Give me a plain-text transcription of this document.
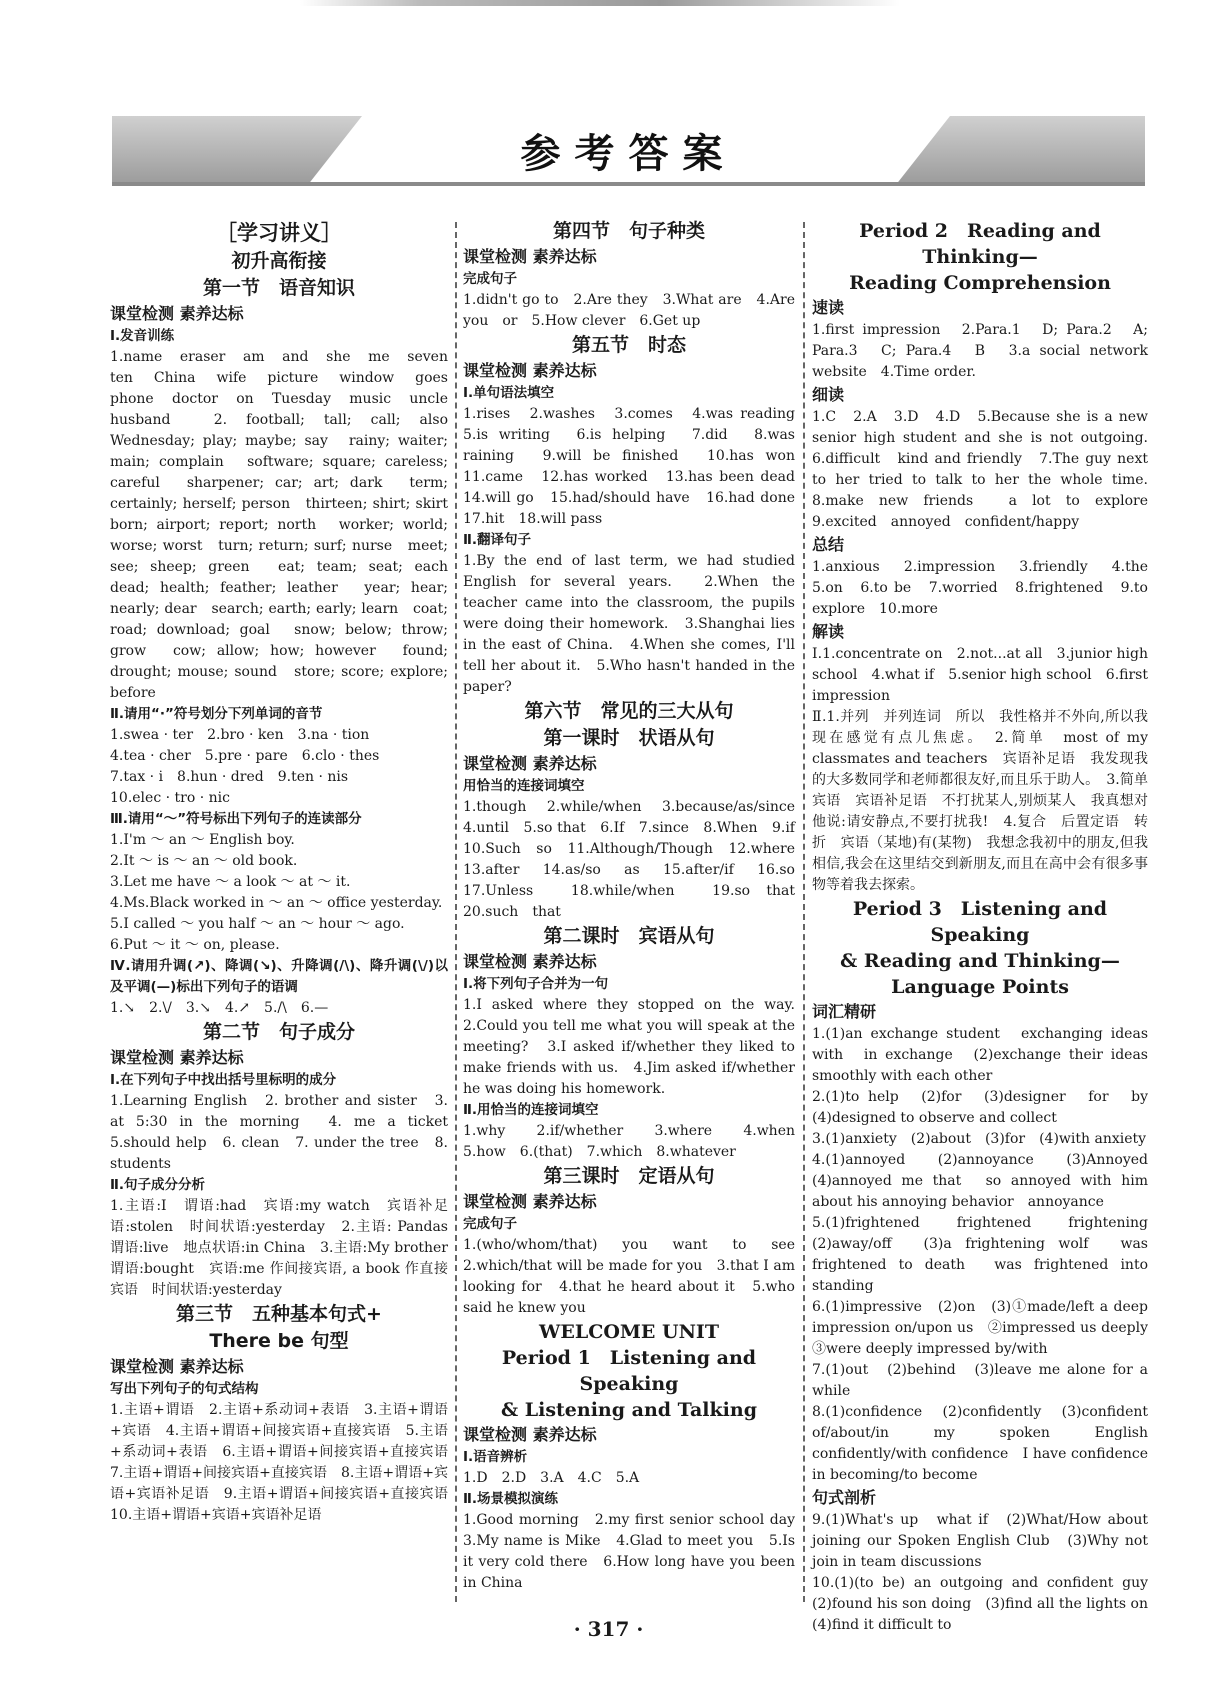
参考答案

［学习讲义］

初升高衔接

第一节　语音知识

课堂检测 素养达标

Ⅰ.发音训练

1.name　eraser　am　and　she　me　seven　ten　China　wife　picture　window　goes　phone　doctor　on　Tuesday　music　uncle　husband　2. football; tall; call; also　Wednesday; play; maybe; say　rainy; waiter; main; complain　software; square; careless; careful　sharpener; car; art; dark　term; certainly; herself; person　thirteen; shirt; skirt　born; airport; report; north　worker; world; worse; worst　turn; return; surf; nurse　meet; see; sheep; green　eat; team; seat; each　dead; health; feather; leather　year; hear; nearly; dear　search; earth; early; learn　coat; road; download; goal　snow; below; throw; grow　cow; allow; how; however　found; drought; mouse; sound　store; score; explore; before

Ⅱ.请用“·”符号划分下列单词的音节

1.swea · ter　2.bro · ken　3.na · tion

4.tea · cher　5.pre · pare　6.clo · thes

7.tax · i　8.hun · dred　9.ten · nis

10.elec · tro · nic

Ⅲ.请用“～”符号标出下列句子的连读部分

1.I'm ～ an ～ English boy.

2.It ～ is ～ an ～ old book.

3.Let me have ～ a look ～ at ～ it.

4.Ms.Black worked in ～ an ～ office yesterday.

5.I called ～ you half ～ an ～ hour ～ ago.

6.Put ～ it ～ on, please.

Ⅳ.请用升调(↗)、降调(↘)、升降调(/\)、降升调(\/)以及平调(—)标出下列句子的语调

1.↘　2.\/　3.↘　4.↗　5./\　6.—

第二节　句子成分

课堂检测 素养达标

Ⅰ.在下列句子中找出括号里标明的成分

1.Learning English　2. brother and sister　3. at 5:30 in the morning　4. me a ticket　5.should help　6. clean　7. under the tree　8. students

Ⅱ.句子成分分析

1.主语:I　谓语:had　宾语:my watch　宾语补足语:stolen　时间状语:yesterday　2.主语: Pandas　谓语:live　地点状语:in China　3.主语:My brother　谓语:bought　宾语:me 作间接宾语, a book 作直接宾语　时间状语:yesterday

第三节　五种基本句式+

There be 句型

课堂检测 素养达标

写出下列句子的句式结构

1.主语+谓语　2.主语+系动词+表语　3.主语+谓语+宾语　4.主语+谓语+间接宾语+直接宾语　5.主语+系动词+表语　6.主语+谓语+间接宾语+直接宾语　7.主语+谓语+间接宾语+直接宾语　8.主语+谓语+宾语+宾语补足语　9.主语+谓语+间接宾语+直接宾语　10.主语+谓语+宾语+宾语补足语

第四节　句子种类

课堂检测 素养达标

完成句子

1.didn't go to　2.Are they　3.What are　4.Are you　or　5.How clever　6.Get up

第五节　时态

课堂检测 素养达标

Ⅰ.单句语法填空

1.rises　2.washes　3.comes　4.was reading　5.is writing　6.is helping　7.did　8.was raining　9.will be finished　10.has won　11.came　12.has worked　13.has been dead　14.will go　15.had/should have　16.had done　17.hit　18.will pass

Ⅱ.翻译句子

1.By the end of last term, we had studied English for several years.　2.When the teacher came into the classroom, the pupils were doing their homework.　3.Shanghai lies in the east of China.　4.When she comes, I'll tell her about it.　5.Who hasn't handed in the paper?

第六节　常见的三大从句

第一课时　状语从句

课堂检测 素养达标

用恰当的连接词填空

1.though　2.while/when　3.because/as/since　4.until　5.so that　6.If　7.since　8.When　9.if　10.Such　so　11.Although/Though　12.where　13.after　14.as/so　as　15.after/if　16.so　17.Unless　18.while/when　19.so that　20.such　that

第二课时　宾语从句

课堂检测 素养达标

Ⅰ.将下列句子合并为一句

1.I asked where they stopped on the way.　2.Could you tell me what you will speak at the meeting?　3.I asked if/whether they liked to make friends with us.　4.Jim asked if/whether he was doing his homework.

Ⅱ.用恰当的连接词填空

1.why　2.if/whether　3.where　4.when　5.how　6.(that)　7.which　8.whatever

第三课时　定语从句

课堂检测 素养达标

完成句子

1.(who/whom/that) you want to see　2.which/that will be made for you　3.that I am looking for　4.that he heard about it　5.who said he knew you

WELCOME UNIT

Period 1　Listening and Speaking

& Listening and Talking

课堂检测 素养达标

Ⅰ.语音辨析

1.D　2.D　3.A　4.C　5.A

Ⅱ.场景模拟演练

1.Good morning　2.my first senior school day　3.My name is Mike　4.Glad to meet you　5.Is it very cold there　6.How long have you been in China

Period 2　Reading and Thinking—

Reading Comprehension

速读

1.first impression　2.Para.1　D; Para.2　A; Para.3　C; Para.4　B　3.a social network website　4.Time order.

细读

1.C　2.A　3.D　4.D　5.Because she is a new senior high student and she is not outgoing.　6.difficult　kind and friendly　7.The guy next to her tried to talk to her the whole time.　8.make new friends　a lot to explore　9.excited　annoyed　confident/happy

总结

1.anxious　2.impression　3.friendly　4.the　5.on　6.to be　7.worried　8.frightened　9.to explore　10.more

解读

Ⅰ.1.concentrate on　2.not...at all　3.junior high school　4.what if　5.senior high school　6.first impression

Ⅱ.1.并列　并列连词　所以　我性格并不外向,所以我现在感觉有点儿焦虑。　2.简单　most of my classmates and teachers　宾语补足语　我发现我的大多数同学和老师都很友好,而且乐于助人。　3.简单　宾语　宾语补足语　不打扰某人,别烦某人　我真想对他说:请安静点,不要打扰我!　4.复合　后置定语　转折　宾语（某地)有(某物)　我想念我初中的朋友,但我相信,我会在这里结交到新朋友,而且在高中会有很多事物等着我去探索。

Period 3　Listening and Speaking

& Reading and Thinking—

Language Points

词汇精研

1.(1)an exchange student　exchanging ideas with　in exchange　(2)exchange their ideas smoothly with each other

2.(1)to help　(2)for　(3)designer　for　by　(4)designed to observe and collect

3.(1)anxiety　(2)about　(3)for　(4)with anxiety

4.(1)annoyed　(2)annoyance　(3)Annoyed　(4)annoyed me that　so annoyed with him about his annoying behavior　annoyance

5.(1)frightened　frightened　frightening　(2)away/off　(3)a frightening wolf　was frightened to death　was frightened into standing

6.(1)impressive　(2)on　(3)①made/left a deep impression on/upon us　②impressed us deeply　③were deeply impressed by/with

7.(1)out　(2)behind　(3)leave me alone for a while

8.(1)confidence　(2)confidently　(3)confident of/about/in my spoken English　confidently/with confidence　I have confidence in becoming/to become

句式剖析

9.(1)What's up　what if　(2)What/How about joining our Spoken English Club　(3)Why not join in team discussions

10.(1)(to be) an outgoing and confident guy　(2)found his son doing　(3)find all the lights on　(4)find it difficult to

· 317 ·
